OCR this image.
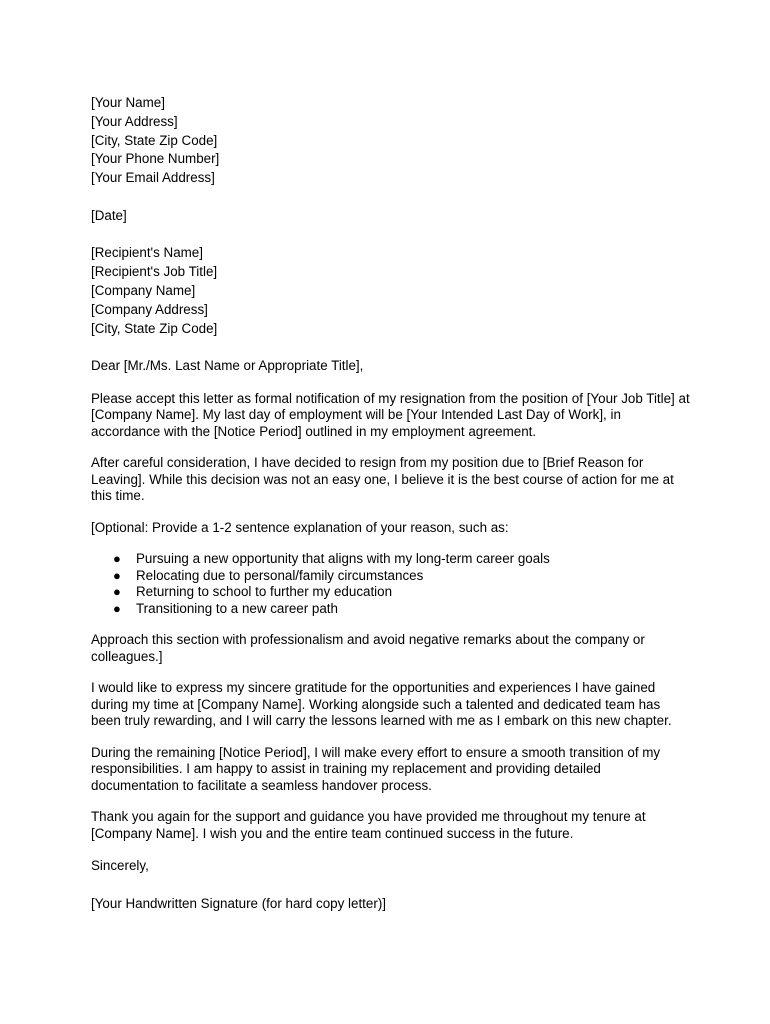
[Your Name]
[Your Address]
[City, State Zip Code]
[Your Phone Number]
[Your Email Address]
[Date]
[Recipient's Name]
[Recipient's Job Title]
[Company Name]
[Company Address]
[City, State Zip Code]
Dear [Mr./Ms. Last Name or Appropriate Title],

Please accept this letter as formal notification of my resignation from the position of [Your Job Title] at [Company Name]. My last day of employment will be [Your Intended Last Day of Work], in accordance with the [Notice Period] outlined in my employment agreement.

After careful consideration, I have decided to resign from my position due to [Brief Reason for Leaving]. While this decision was not an easy one, I believe it is the best course of action for me at this time.

[Optional: Provide a 1-2 sentence explanation of your reason, such as:

● Pursuing a new opportunity that aligns with my long-term career goals
● Relocating due to personal/family circumstances
● Returning to school to further my education
● Transitioning to a new career path

Approach this section with professionalism and avoid negative remarks about the company or colleagues.]

I would like to express my sincere gratitude for the opportunities and experiences I have gained during my time at [Company Name]. Working alongside such a talented and dedicated team has been truly rewarding, and I will carry the lessons learned with me as I embark on this new chapter.

During the remaining [Notice Period], I will make every effort to ensure a smooth transition of my responsibilities. I am happy to assist in training my replacement and providing detailed documentation to facilitate a seamless handover process.

Thank you again for the support and guidance you have provided me throughout my tenure at [Company Name]. I wish you and the entire team continued success in the future.

Sincerely,
[Your Handwritten Signature (for hard copy letter)]
